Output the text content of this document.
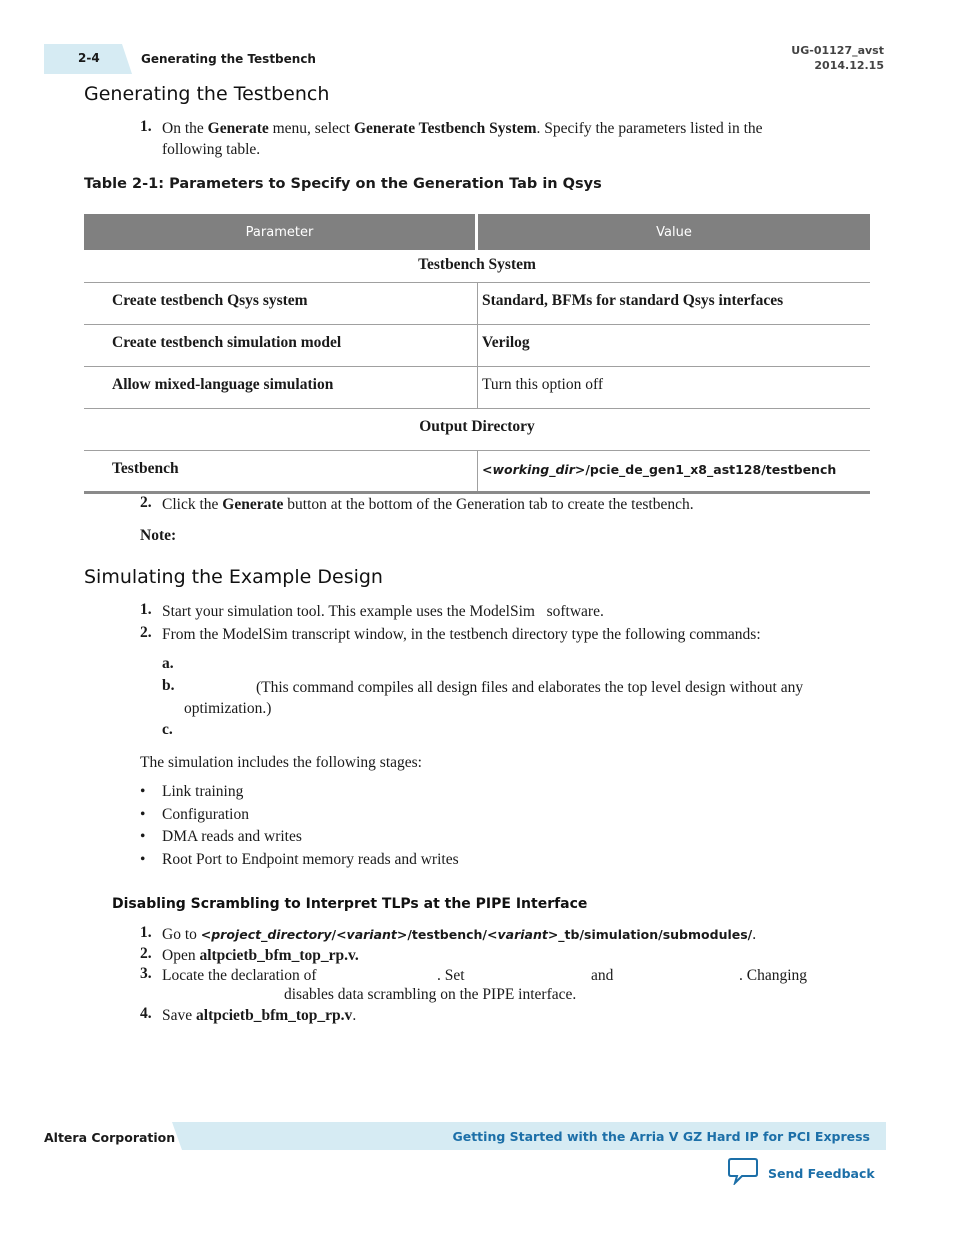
2-4	Generating the Testbench
UG-01127_avst
2014.12.15
Generating the Testbench
1. On the Generate menu, select Generate Testbench System. Specify the parameters listed in the
following table.
Table 2-1: Parameters to Specify on the Generation Tab in Qsys
Parameter	Value
Testbench System
Create testbench Qsys system	Standard, BFMs for standard Qsys interfaces
Create testbench simulation model	Verilog
Allow mixed-language simulation	Turn this option off
Output Directory
Testbench	<working_dir>/pcie_de_gen1_x8_ast128/testbench
2. Click the Generate button at the bottom of the Generation tab to create the testbench.
Note:
Simulating the Example Design
1. Start your simulation tool. This example uses the ModelSim   software.
2. From the ModelSim transcript window, in the testbench directory type the following commands:
a.
b.	(This command compiles all design files and elaborates the top level design without any
optimization.)
c.
The simulation includes the following stages:
• Link training
• Configuration
• DMA reads and writes
• Root Port to Endpoint memory reads and writes
Disabling Scrambling to Interpret TLPs at the PIPE Interface
1. Go to <project_directory/<variant>/testbench/<variant>_tb/simulation/submodules/.
2. Open altpcietb_bfm_top_rp.v.
3. Locate the declaration of	. Set	and	. Changing
disables data scrambling on the PIPE interface.
4. Save altpcietb_bfm_top_rp.v.
Altera Corporation	Getting Started with the Arria V GZ Hard IP for PCI Express
Send Feedback
